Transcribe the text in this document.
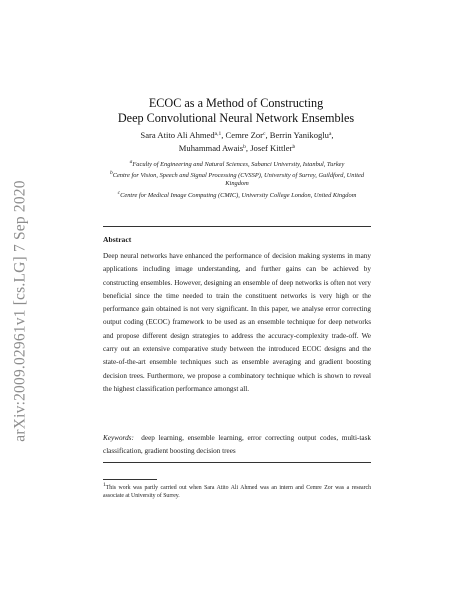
arXiv:2009.02961v1 [cs.LG] 7 Sep 2020
ECOC as a Method of Constructing
Deep Convolutional Neural Network Ensembles
Sara Atito Ali Ahmed$^{a,1}$, Cemre Zor$^c$, Berrin Yanikoglu$^a$, Muhammad Awais$^b$, Josef Kittler$^b$
$^a$Faculty of Engineering and Natural Sciences, Sabanci University, Istanbul, Turkey
$^b$Centre for Vision, Speech and Signal Processing (CVSSP), University of Surrey, Guildford, United Kingdom
$^c$Centre for Medical Image Computing (CMIC), University College London, United Kingdom
Abstract
Deep neural networks have enhanced the performance of decision making systems in many applications including image understanding, and further gains can be achieved by constructing ensembles. However, designing an ensemble of deep networks is often not very beneficial since the time needed to train the constituent networks is very high or the performance gain obtained is not very significant. In this paper, we analyse error correcting output coding (ECOC) framework to be used as an ensemble technique for deep networks and propose different design strategies to address the accuracy-complexity trade-off. We carry out an extensive comparative study between the introduced ECOC designs and the state-of-the-art ensemble techniques such as ensemble averaging and gradient boosting decision trees. Furthermore, we propose a combinatory technique which is shown to reveal the highest classification performance amongst all.
Keywords: deep learning, ensemble learning, error correcting output codes, multi-task classification, gradient boosting decision trees
$^1$This work was partly carried out when Sara Atito Ali Ahmed was an intern and Cemre Zor was a research associate at University of Surrey.
